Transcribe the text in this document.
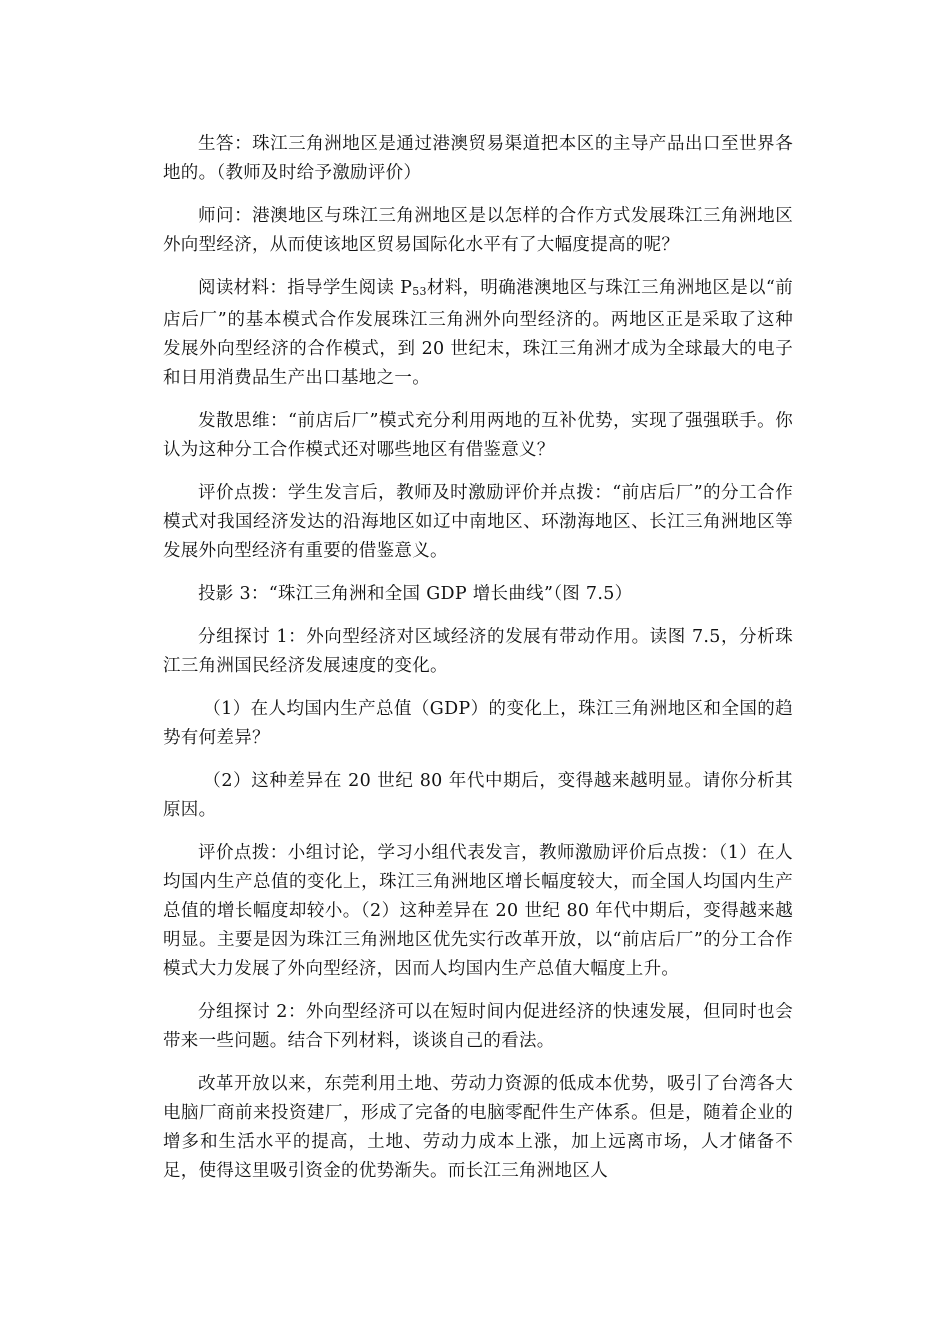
生答：珠江三角洲地区是通过港澳贸易渠道把本区的主导产品出口至世界各地的。（教师及时给予激励评价）

师问：港澳地区与珠江三角洲地区是以怎样的合作方式发展珠江三角洲地区外向型经济，从而使该地区贸易国际化水平有了大幅度提高的呢？

阅读材料：指导学生阅读 P53材料，明确港澳地区与珠江三角洲地区是以“前店后厂”的基本模式合作发展珠江三角洲外向型经济的。两地区正是采取了这种发展外向型经济的合作模式，到 20 世纪末，珠江三角洲才成为全球最大的电子和日用消费品生产出口基地之一。

发散思维：“前店后厂”模式充分利用两地的互补优势，实现了强强联手。你认为这种分工合作模式还对哪些地区有借鉴意义？

评价点拨：学生发言后，教师及时激励评价并点拨：“前店后厂”的分工合作模式对我国经济发达的沿海地区如辽中南地区、环渤海地区、长江三角洲地区等发展外向型经济有重要的借鉴意义。

投影 3：“珠江三角洲和全国 GDP 增长曲线”（图 7.5）

分组探讨 1：外向型经济对区域经济的发展有带动作用。读图 7.5，分析珠江三角洲国民经济发展速度的变化。

（1）在人均国内生产总值（GDP）的变化上，珠江三角洲地区和全国的趋势有何差异？

（2）这种差异在 20 世纪 80 年代中期后，变得越来越明显。请你分析其原因。

评价点拨：小组讨论，学习小组代表发言，教师激励评价后点拨：（1）在人均国内生产总值的变化上，珠江三角洲地区增长幅度较大，而全国人均国内生产总值的增长幅度却较小。（2）这种差异在 20 世纪 80 年代中期后，变得越来越明显。主要是因为珠江三角洲地区优先实行改革开放，以“前店后厂”的分工合作模式大力发展了外向型经济，因而人均国内生产总值大幅度上升。

分组探讨 2：外向型经济可以在短时间内促进经济的快速发展，但同时也会带来一些问题。结合下列材料，谈谈自己的看法。

改革开放以来，东莞利用土地、劳动力资源的低成本优势，吸引了台湾各大电脑厂商前来投资建厂，形成了完备的电脑零配件生产体系。但是，随着企业的增多和生活水平的提高，土地、劳动力成本上涨，加上远离市场，人才储备不足，使得这里吸引资金的优势渐失。而长江三角洲地区人
